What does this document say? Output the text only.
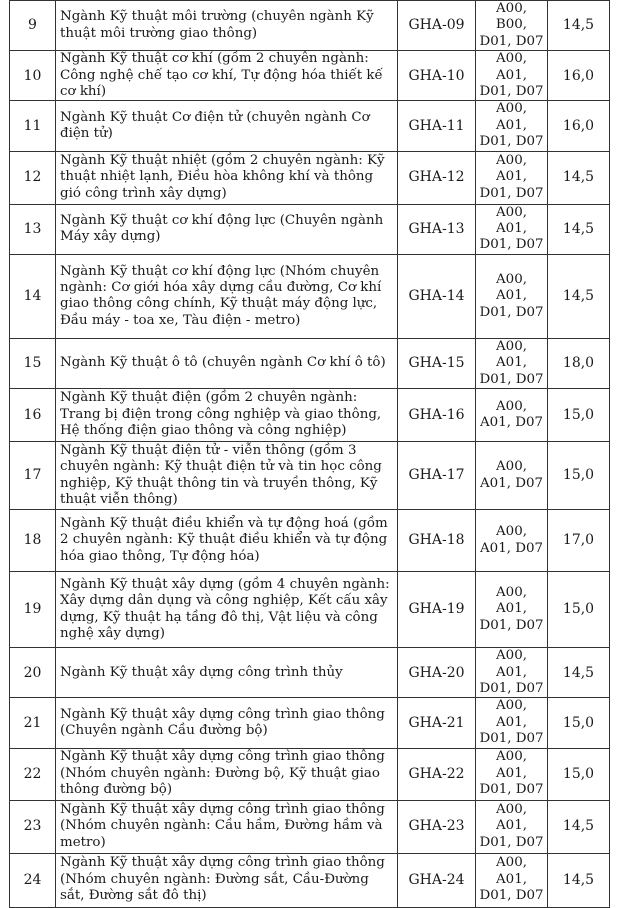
9	Ngành Kỹ thuật môi trường (chuyên ngành Kỹ thuật môi trường giao thông)	GHA-09	A00, B00, D01, D07	14,5
10	Ngành Kỹ thuật cơ khí (gồm 2 chuyên ngành: Công nghệ chế tạo cơ khí, Tự động hóa thiết kế cơ khí)	GHA-10	A00, A01, D01, D07	16,0
11	Ngành Kỹ thuật Cơ điện tử (chuyên ngành Cơ điện tử)	GHA-11	A00, A01, D01, D07	16,0
12	Ngành Kỹ thuật nhiệt (gồm 2 chuyên ngành: Kỹ thuật nhiệt lạnh, Điều hòa không khí và thông gió công trình xây dựng)	GHA-12	A00, A01, D01, D07	14,5
13	Ngành Kỹ thuật cơ khí động lực (Chuyên ngành Máy xây dựng)	GHA-13	A00, A01, D01, D07	14,5
14	Ngành Kỹ thuật cơ khí động lực (Nhóm chuyên ngành: Cơ giới hóa xây dựng cầu đường, Cơ khí giao thông công chính, Kỹ thuật máy động lực, Đầu máy - toa xe, Tàu điện - metro)	GHA-14	A00, A01, D01, D07	14,5
15	Ngành Kỹ thuật ô tô (chuyên ngành Cơ khí ô tô)	GHA-15	A00, A01, D01, D07	18,0
16	Ngành Kỹ thuật điện (gồm 2 chuyên ngành: Trang bị điện trong công nghiệp và giao thông, Hệ thống điện giao thông và công nghiệp)	GHA-16	A00, A01, D07	15,0
17	Ngành Kỹ thuật điện tử - viễn thông (gồm 3 chuyên ngành: Kỹ thuật điện tử và tin học công nghiệp, Kỹ thuật thông tin và truyền thông, Kỹ thuật viễn thông)	GHA-17	A00, A01, D07	15,0
18	Ngành Kỹ thuật điều khiển và tự động hoá (gồm 2 chuyên ngành: Kỹ thuật điều khiển và tự động hóa giao thông, Tự động hóa)	GHA-18	A00, A01, D07	17,0
19	Ngành Kỹ thuật xây dựng (gồm 4 chuyên ngành: Xây dựng dân dụng và công nghiệp, Kết cấu xây dựng, Kỹ thuật hạ tầng đô thị, Vật liệu và công nghệ xây dựng)	GHA-19	A00, A01, D01, D07	15,0
20	Ngành Kỹ thuật xây dựng công trình thủy	GHA-20	A00, A01, D01, D07	14,5
21	Ngành Kỹ thuật xây dựng công trình giao thông (Chuyên ngành Cầu đường bộ)	GHA-21	A00, A01, D01, D07	15,0
22	Ngành Kỹ thuật xây dựng công trình giao thông (Nhóm chuyên ngành: Đường bộ, Kỹ thuật giao thông đường bộ)	GHA-22	A00, A01, D01, D07	15,0
23	Ngành Kỹ thuật xây dựng công trình giao thông (Nhóm chuyên ngành: Cầu hầm, Đường hầm và metro)	GHA-23	A00, A01, D01, D07	14,5
24	Ngành Kỹ thuật xây dựng công trình giao thông (Nhóm chuyên ngành: Đường sắt, Cầu-Đường sắt, Đường sắt đô thị)	GHA-24	A00, A01, D01, D07	14,5
